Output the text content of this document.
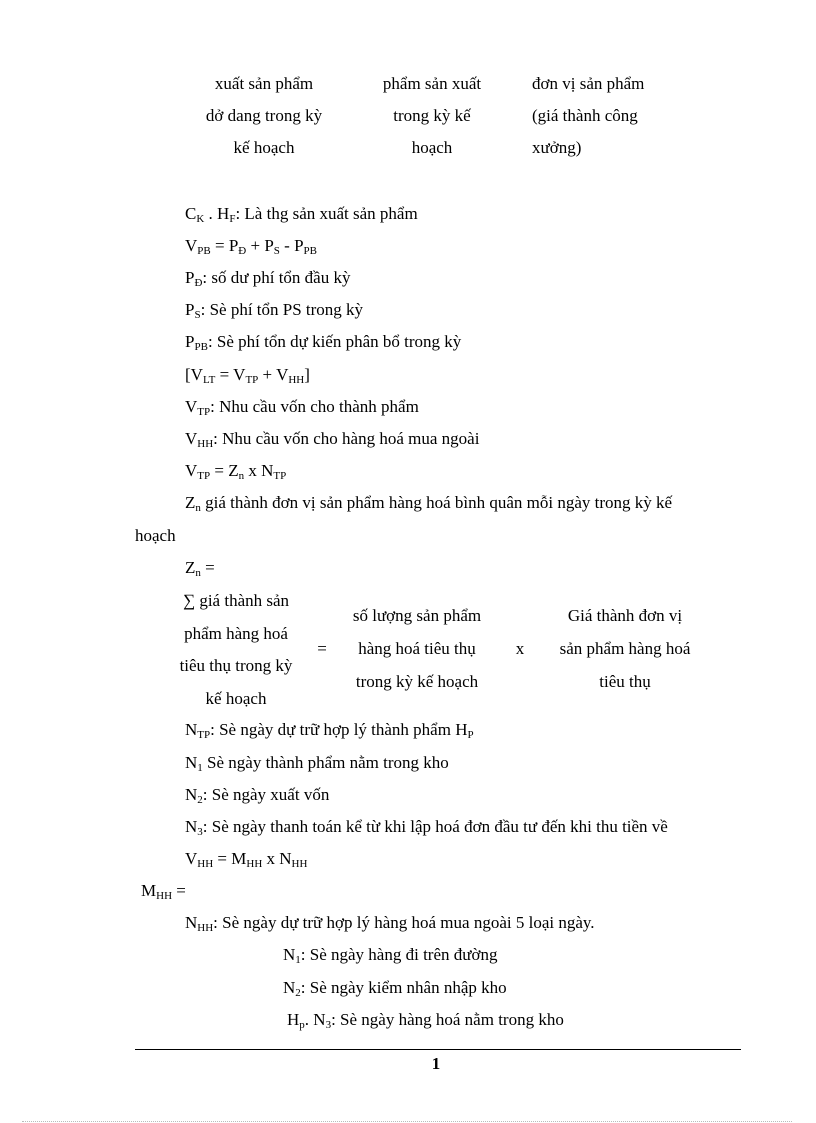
xuất sản phẩm
dở dang trong kỳ
kế hoạch
phẩm sản xuất
trong kỳ kế
hoạch
đơn vị sản phẩm
(giá thành công
xưởng)
$C_K$ . $H_F$: Là thg sản xuất sản phẩm
$V_{PB} = P_Đ + P_S - P_{PB}$
$P_Đ$: số dư phí tổn đầu kỳ
$P_S$: Sè phí tổn PS trong kỳ
$P_{PB}$: Sè phí tổn dự kiến phân bổ trong kỳ
$[V_{LT} = V_{TP} + V_{HH}]$
$V_{TP}$: Nhu cầu vốn cho thành phẩm
$V_{HH}$: Nhu cầu vốn cho hàng hoá mua ngoài
$V_{TP} = Z_n$ x $N_{TP}$
$Z_n$ giá thành đơn vị sản phẩm hàng hoá bình quân mỗi ngày trong kỳ kế
hoạch
$Z_n$ =
∑ giá thành sản
phẩm hàng hoá
tiêu thụ trong kỳ
kế hoạch
=
số lượng sản phẩm
hàng hoá tiêu thụ
trong kỳ kế hoạch
x
Giá thành đơn vị
sản phẩm hàng hoá
tiêu thụ
$N_{TP}$: Sè ngày dự trữ hợp lý thành phẩm $H_P$
$N_1$ Sè ngày thành phẩm nằm trong kho
$N_2$: Sè ngày xuất vốn
$N_3$: Sè ngày thanh toán kể từ khi lập hoá đơn đầu tư đến khi thu tiền về
$V_{HH} = M_{HH}$ x $N_{HH}$
$M_{HH}$ =
$N_{HH}$: Sè ngày dự trữ hợp lý hàng hoá mua ngoài 5 loại ngày.
$N_1$: Sè ngày hàng đi trên đường
$N_2$: Sè ngày kiểm nhân nhập kho
$H_p$. $N_3$: Sè ngày hàng hoá nằm trong kho
1
